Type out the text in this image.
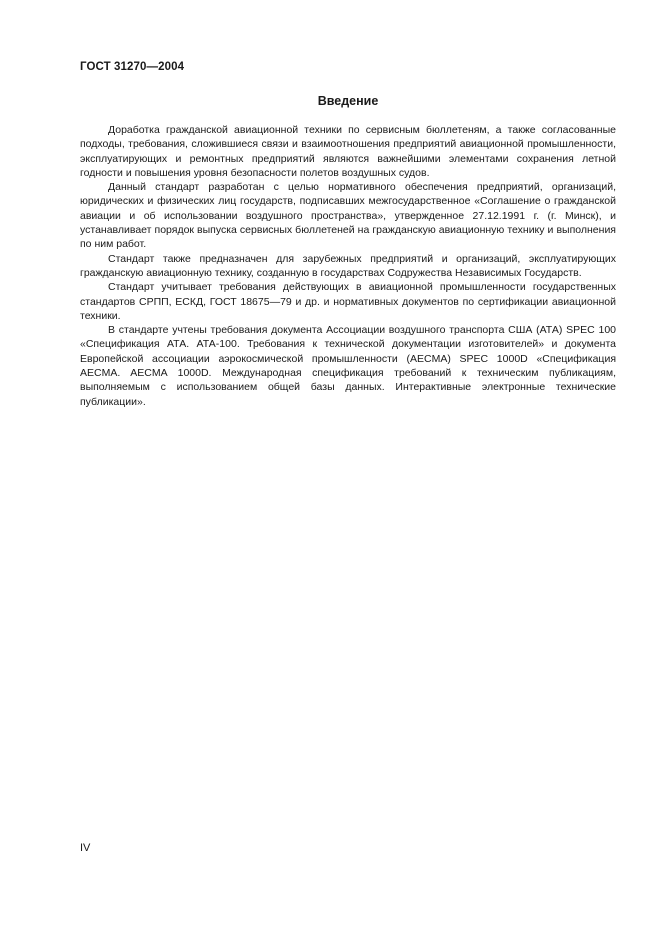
ГОСТ 31270—2004
Введение

Доработка гражданской авиационной техники по сервисным бюллетеням, а также согласованные подходы, требования, сложившиеся связи и взаимоотношения предприятий авиационной промышленности, эксплуатирующих и ремонтных предприятий являются важнейшими элементами сохранения летной годности и повышения уровня безопасности полетов воздушных судов.

Данный стандарт разработан с целью нормативного обеспечения предприятий, организаций, юридических и физических лиц государств, подписавших межгосударственное «Соглашение о гражданской авиации и об использовании воздушного пространства», утвержденное 27.12.1991 г. (г. Минск), и устанавливает порядок выпуска сервисных бюллетеней на гражданскую авиационную технику и выполнения по ним работ.

Стандарт также предназначен для зарубежных предприятий и организаций, эксплуатирующих гражданскую авиационную технику, созданную в государствах Содружества Независимых Государств.

Стандарт учитывает требования действующих в авиационной промышленности государственных стандартов СРПП, ЕСКД, ГОСТ 18675—79 и др. и нормативных документов по сертификации авиационной техники.

В стандарте учтены требования документа Ассоциации воздушного транспорта США (АТА) SPEC 100 «Спецификация АТА. АТА-100. Требования к технической документации изготовителей» и документа Европейской ассоциации аэрокосмической промышленности (AECMA) SPEC 1000D «Спецификация AECMA. AECMA 1000D. Международная спецификация требований к техническим публикациям, выполняемым с использованием общей базы данных. Интерактивные электронные технические публикации».

IV
